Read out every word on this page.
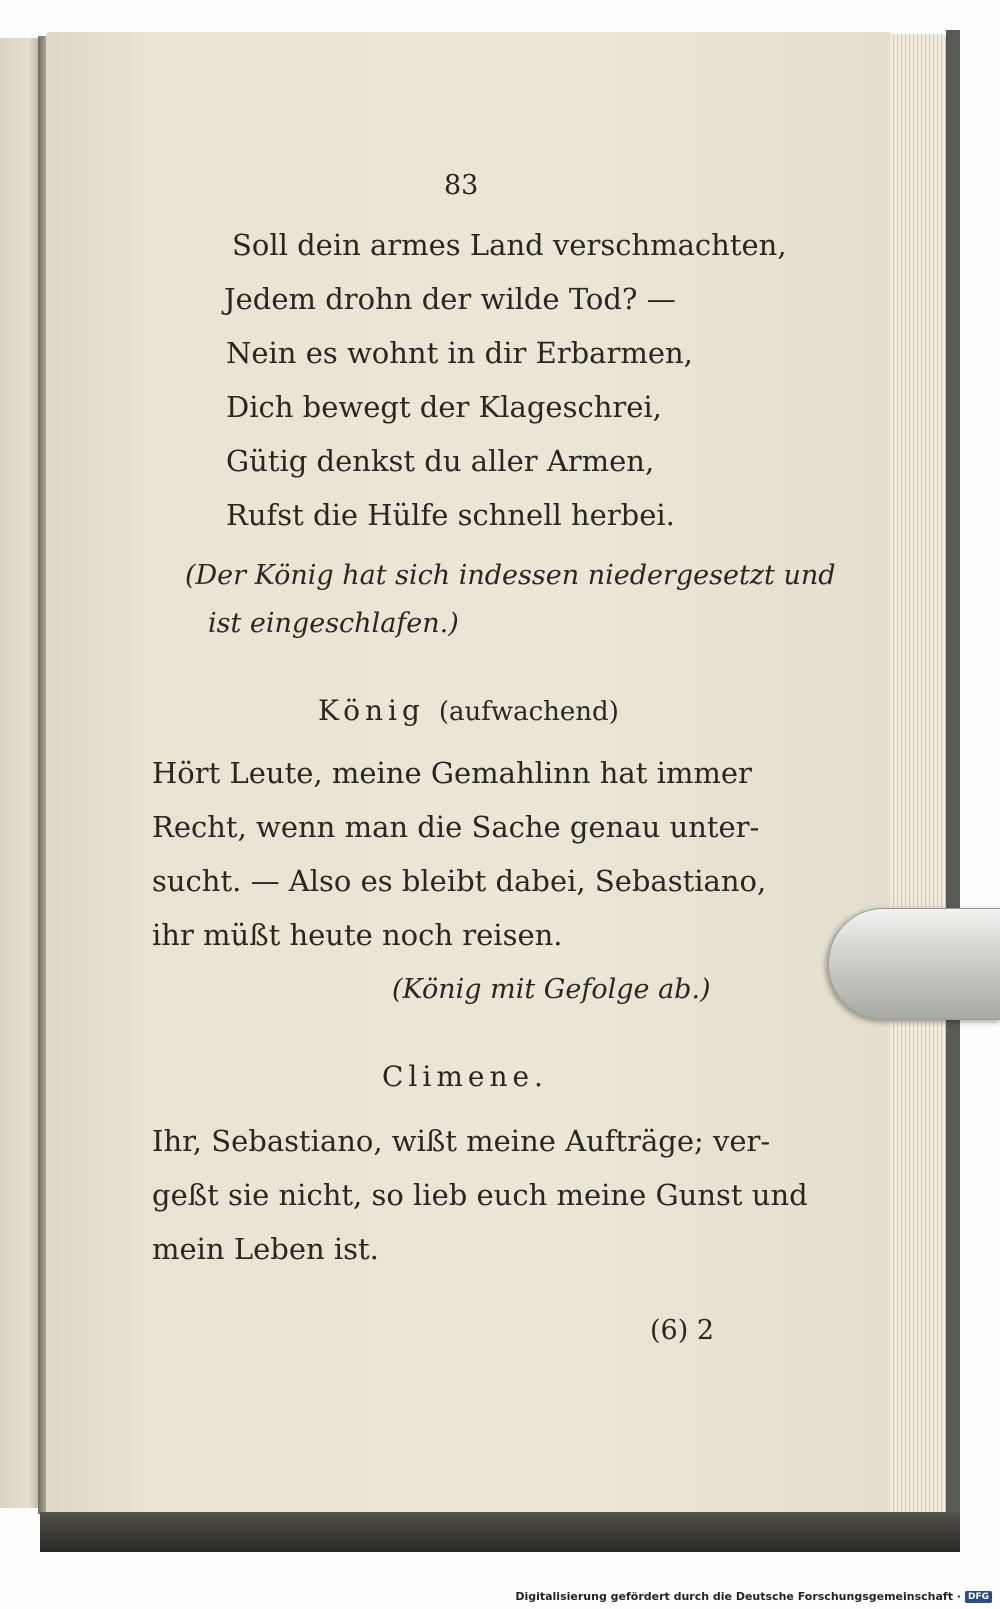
83
Soll dein armes Land verschmachten,
Jedem drohn der wilde Tod? —
Nein es wohnt in dir Erbarmen,
Dich bewegt der Klageschrei,
Gütig denkst du aller Armen,
Rufst die Hülfe schnell herbei.
(Der König hat sich indessen niedergesetzt und
ist eingeschlafen.)
König (aufwachend)
Hört Leute, meine Gemahlinn hat immer
Recht, wenn man die Sache genau unter-
sucht. — Also es bleibt dabei, Sebastiano,
ihr müßt heute noch reisen.
(König mit Gefolge ab.)
Climene.
Ihr, Sebastiano, wißt meine Aufträge; ver-
geßt sie nicht, so lieb euch meine Gunst und
mein Leben ist.
(6) 2
Digitalisierung gefördert durch die Deutsche Forschungsgemeinschaft · DFG
